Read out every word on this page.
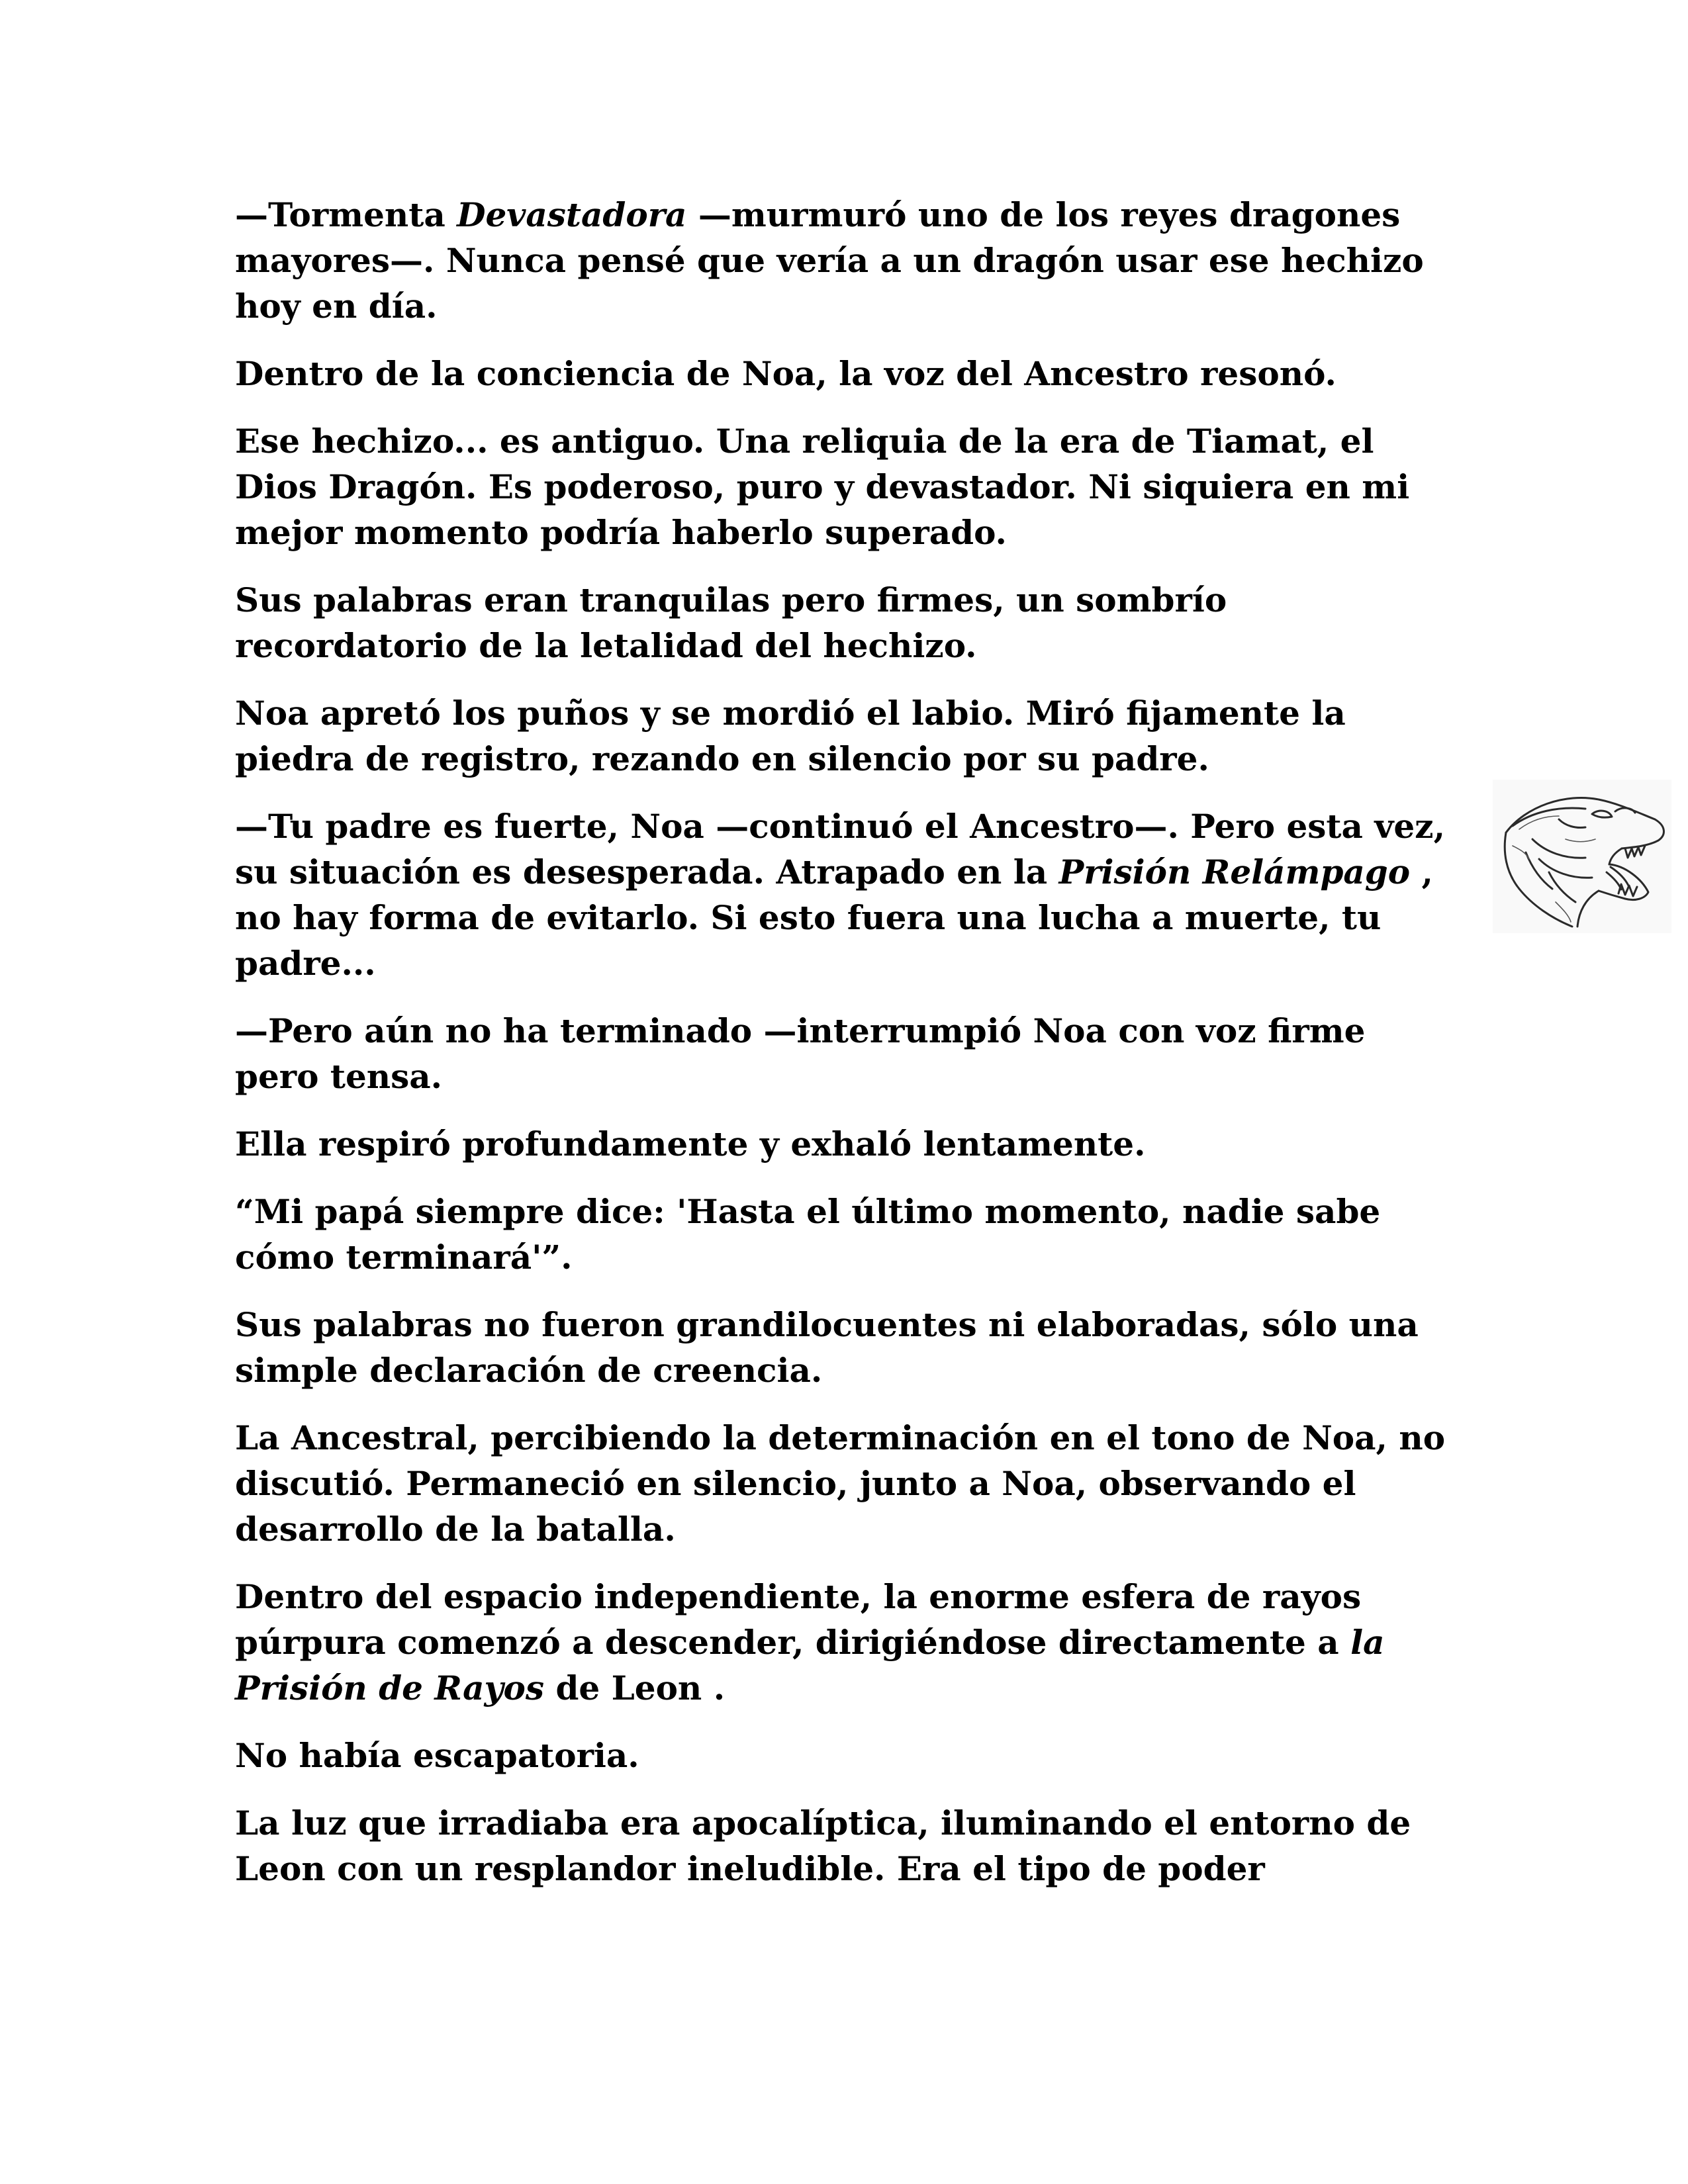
—Tormenta Devastadora —murmuró uno de los reyes dragones mayores—. Nunca pensé que vería a un dragón usar ese hechizo hoy en día.

Dentro de la conciencia de Noa, la voz del Ancestro resonó.

Ese hechizo... es antiguo. Una reliquia de la era de Tiamat, el Dios Dragón. Es poderoso, puro y devastador. Ni siquiera en mi mejor momento podría haberlo superado.

Sus palabras eran tranquilas pero firmes, un sombrío recordatorio de la letalidad del hechizo.

Noa apretó los puños y se mordió el labio. Miró fijamente la piedra de registro, rezando en silencio por su padre.

—Tu padre es fuerte, Noa —continuó el Ancestro—. Pero esta vez, su situación es desesperada. Atrapado en la Prisión Relámpago , no hay forma de evitarlo. Si esto fuera una lucha a muerte, tu padre...

—Pero aún no ha terminado —interrumpió Noa con voz firme pero tensa.

Ella respiró profundamente y exhaló lentamente.

“Mi papá siempre dice: 'Hasta el último momento, nadie sabe cómo terminará'”.

Sus palabras no fueron grandilocuentes ni elaboradas, sólo una simple declaración de creencia.

La Ancestral, percibiendo la determinación en el tono de Noa, no discutió. Permaneció en silencio, junto a Noa, observando el desarrollo de la batalla.

Dentro del espacio independiente, la enorme esfera de rayos púrpura comenzó a descender, dirigiéndose directamente a la Prisión de Rayos de Leon .

No había escapatoria.

La luz que irradiaba era apocalíptica, iluminando el entorno de Leon con un resplandor ineludible. Era el tipo de poder
